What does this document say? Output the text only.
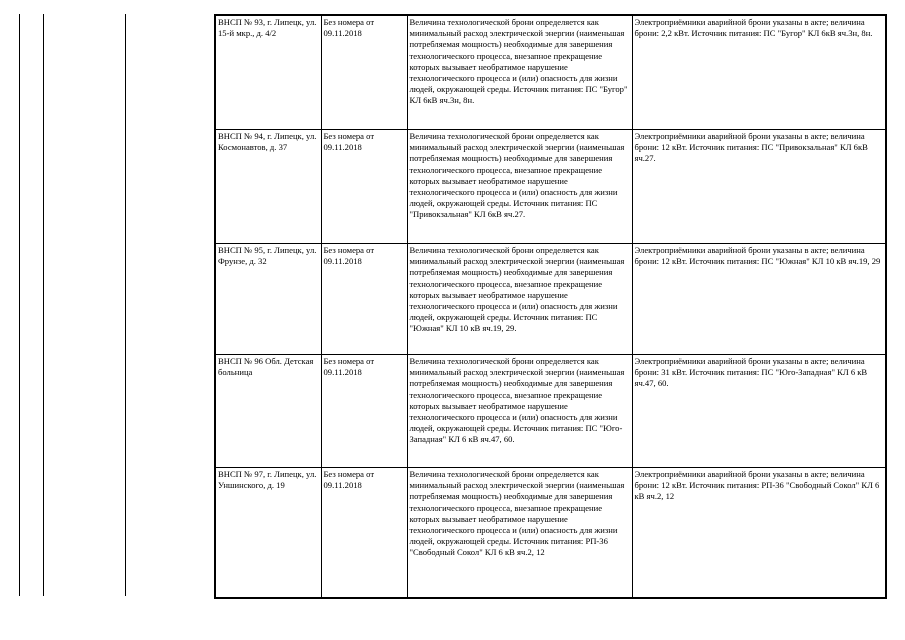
ВНСП № 93, г. Липецк, ул. 15-й мкр., д. 4/2	Без номера от 09.11.2018	Величина технологической брони определяется как минимальный расход электрической энергии (наименьшая потребляемая мощность) необходимые для завершения технологического процесса, внезапное прекращение которых вызывает необратимое нарушение технологического процесса и (или) опасность для жизни людей, окружающей среды. Источник питания: ПС "Бугор" КЛ 6кВ яч.3н, 8н.	Электроприёмники аварийной брони указаны в акте; величина брони: 2,2 кВт. Источник питания: ПС "Бугор" КЛ 6кВ яч.3н, 8н.

ВНСП № 94, г. Липецк, ул. Космонавтов, д. 37	Без номера от 09.11.2018	Величина технологической брони определяется как минимальный расход электрической энергии (наименьшая потребляемая мощность) необходимые для завершения технологического процесса, внезапное прекращение которых вызывает необратимое нарушение технологического процесса и (или) опасность для жизни людей, окружающей среды. Источник питания: ПС "Привокзальная" КЛ 6кВ яч.27.	Электроприёмники аварийной брони указаны в акте; величина брони: 12 кВт. Источник питания: ПС "Привокзальная" КЛ 6кВ яч.27.

ВНСП № 95, г. Липецк, ул. Фрунзе, д. 32	Без номера от 09.11.2018	Величина технологической брони определяется как минимальный расход электрической энергии (наименьшая потребляемая мощность) необходимые для завершения технологического процесса, внезапное прекращение которых вызывает необратимое нарушение технологического процесса и (или) опасность для жизни людей, окружающей среды. Источник питания: ПС "Южная" КЛ 10 кВ яч.19, 29.	Электроприёмники аварийной брони указаны в акте; величина брони: 12 кВт. Источник питания: ПС "Южная" КЛ 10 кВ яч.19, 29

ВНСП № 96 Обл. Детская больница	Без номера от 09.11.2018	Величина технологической брони определяется как минимальный расход электрической энергии (наименьшая потребляемая мощность) необходимые для завершения технологического процесса, внезапное прекращение которых вызывает необратимое нарушение технологического процесса и (или) опасность для жизни людей, окружающей среды. Источник питания: ПС "Юго-Западная" КЛ 6 кВ яч.47, 60.	Электроприёмники аварийной брони указаны в акте; величина брони: 31 кВт. Источник питания: ПС "Юго-Западная" КЛ 6 кВ яч.47, 60.

ВНСП № 97, г. Липецк, ул. Уншинского, д. 19	Без номера от 09.11.2018	Величина технологической брони определяется как минимальный расход электрической энергии (наименьшая потребляемая мощность) необходимые для завершения технологического процесса, внезапное прекращение которых вызывает необратимое нарушение технологического процесса и (или) опасность для жизни людей, окружающей среды. Источник питания: РП-36 "Свободный Сокол" КЛ 6 кВ яч.2, 12	Электроприёмники аварийной брони указаны в акте; величина брони: 12 кВт. Источник питания: РП-36 "Свободный Сокол" КЛ 6 кВ яч.2, 12
